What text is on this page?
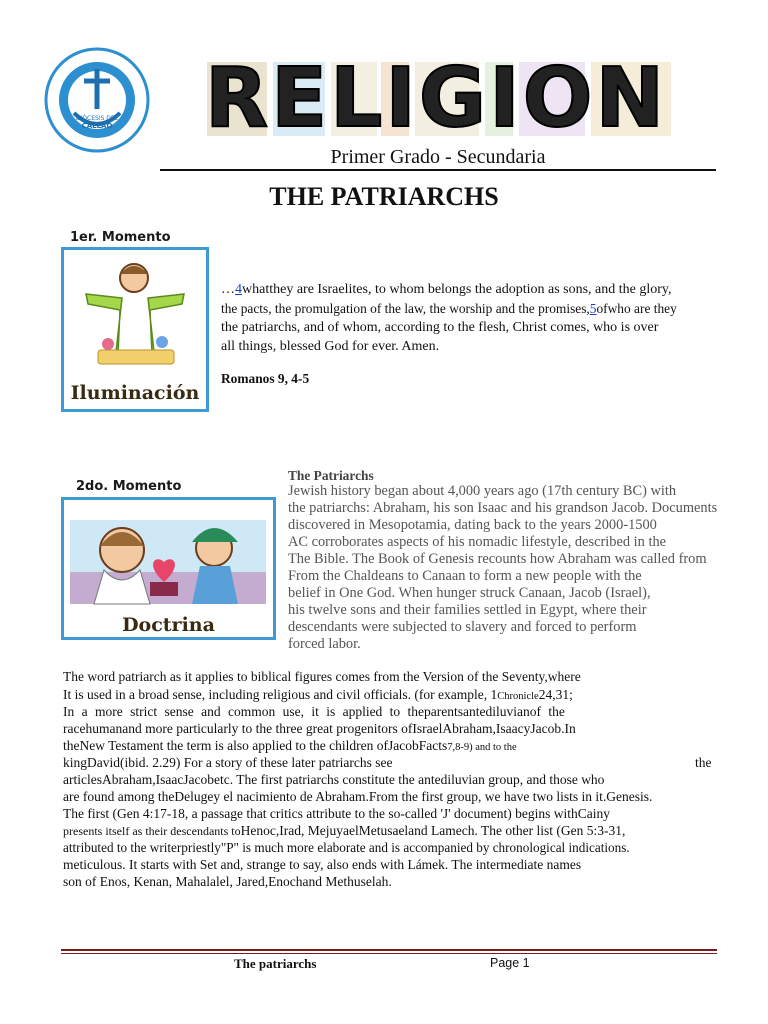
DIÓCESIS DEL
CALLAO RELIGION
Primer Grado - Secundaria
THE PATRIARCHS
1er. Momento
Iluminación
…4whatthey are Israelites, to whom belongs the adoption as sons, and the glory,
the pacts, the promulgation of the law, the worship and the promises,5ofwho are they
the patriarchs, and of whom, according to the flesh, Christ comes, who is over
all things, blessed God for ever. Amen.
Romanos 9, 4-5
2do. Momento
Doctrina
The Patriarchs
Jewish history began about 4,000 years ago (17th century BC) with
the patriarchs: Abraham, his son Isaac and his grandson Jacob. Documents
discovered in Mesopotamia, dating back to the years 2000-1500
AC corroborates aspects of his nomadic lifestyle, described in the
The Bible. The Book of Genesis recounts how Abraham was called from
From the Chaldeans to Canaan to form a new people with the
belief in One God. When hunger struck Canaan, Jacob (Israel),
his twelve sons and their families settled in Egypt, where their
descendants were subjected to slavery and forced to perform
forced labor.
The word patriarch as it applies to biblical figures comes from the Version of the Seventy,where
It is used in a broad sense, including religious and civil officials. (for example, 1Chronicle24,31;
In a more strict sense and common use, it is applied to theparentsantediluvianof the
racehumanand more particularly to the three great progenitors ofIsraelAbraham,IsaacyJacob.In
theNew Testament the term is also applied to the children ofJacobFacts7,8-9) and to the
kingDavid(ibid. 2.29) For a story of these later patriarchs see	the
articlesAbraham,IsaacJacobetc. The first patriarchs constitute the antediluvian group, and those who
are found among theDelugey el nacimiento de Abraham.From the first group, we have two lists in it.Genesis.
The first (Gen 4:17-18, a passage that critics attribute to the so-called 'J' document) begins withCainy
presents itself as their descendants toHenoc,Irad, MejuyaelMetusaeland Lamech. The other list (Gen 5:3-31,
attributed to the writerpriestly"P" is much more elaborate and is accompanied by chronological indications.
meticulous. It starts with Set and, strange to say, also ends with Lámek. The intermediate names
son of Enos, Kenan, Mahalalel, Jared,Enochand Methuselah.
The patriarchs	Page 1
